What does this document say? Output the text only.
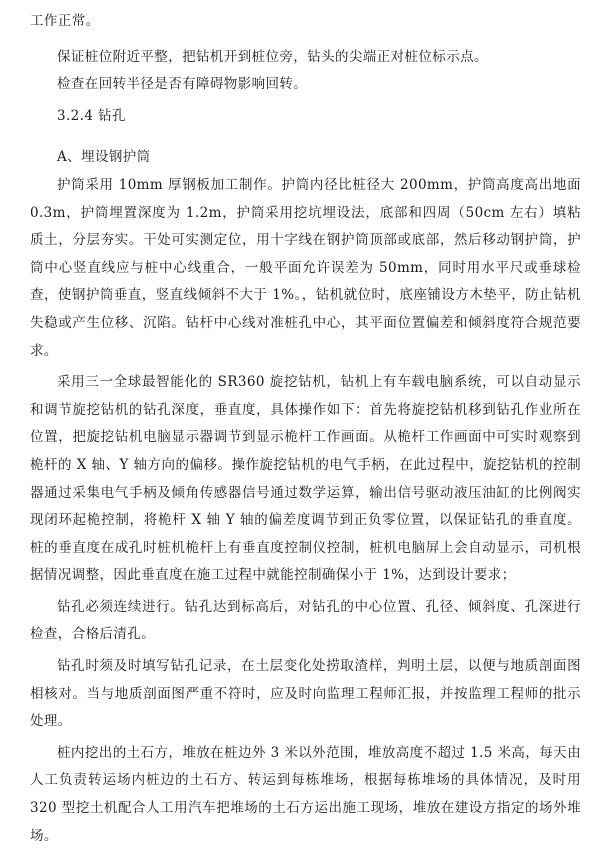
工作正常。

保证桩位附近平整，把钻机开到桩位旁，钻头的尖端正对桩位标示点。

检查在回转半径是否有障碍物影响回转。

3.2.4 钻孔

A、埋设钢护筒

护筒采用 10mm 厚钢板加工制作。护筒内径比桩径大 200mm，护筒高度高出地面 0.3m，护筒埋置深度为 1.2m，护筒采用挖坑埋设法，底部和四周（50cm 左右）填粘质土，分层夯实。干处可实测定位，用十字线在钢护筒顶部或底部，然后移动钢护筒，护筒中心竖直线应与桩中心线重合，一般平面允许误差为 50mm，同时用水平尺或垂球检查，使钢护筒垂直，竖直线倾斜不大于 1%。，钻机就位时，底座铺设方木垫平，防止钻机失稳或产生位移、沉陷。钻杆中心线对准桩孔中心，其平面位置偏差和倾斜度符合规范要求。

采用三一全球最智能化的 SR360 旋挖钻机，钻机上有车载电脑系统，可以自动显示和调节旋挖钻机的钻孔深度，垂直度，具体操作如下：首先将旋挖钻机移到钻孔作业所在位置，把旋挖钻机电脑显示器调节到显示桅杆工作画面。从桅杆工作画面中可实时观察到桅杆的 X 轴、Y 轴方向的偏移。操作旋挖钻机的电气手柄，在此过程中，旋挖钻机的控制器通过采集电气手柄及倾角传感器信号通过数学运算，输出信号驱动液压油缸的比例阀实现闭环起桅控制，将桅杆 X 轴 Y 轴的偏差度调节到正负零位置，以保证钻孔的垂直度。桩的垂直度在成孔时桩机桅杆上有垂直度控制仪控制，桩机电脑屏上会自动显示，司机根据情况调整，因此垂直度在施工过程中就能控制确保小于 1%，达到设计要求；

钻孔必须连续进行。钻孔达到标高后，对钻孔的中心位置、孔径、倾斜度、孔深进行检查，合格后清孔。

钻孔时须及时填写钻孔记录，在土层变化处捞取渣样，判明土层，以便与地质剖面图相核对。当与地质剖面图严重不符时，应及时向监理工程师汇报，并按监理工程师的批示处理。

桩内挖出的土石方，堆放在桩边外 3 米以外范围，堆放高度不超过 1.5 米高，每天由人工负责转运场内桩边的土石方、转运到每栋堆场，根据每栋堆场的具体情况，及时用 320 型挖土机配合人工用汽车把堆场的土石方运出施工现场，堆放在建设方指定的场外堆场。
